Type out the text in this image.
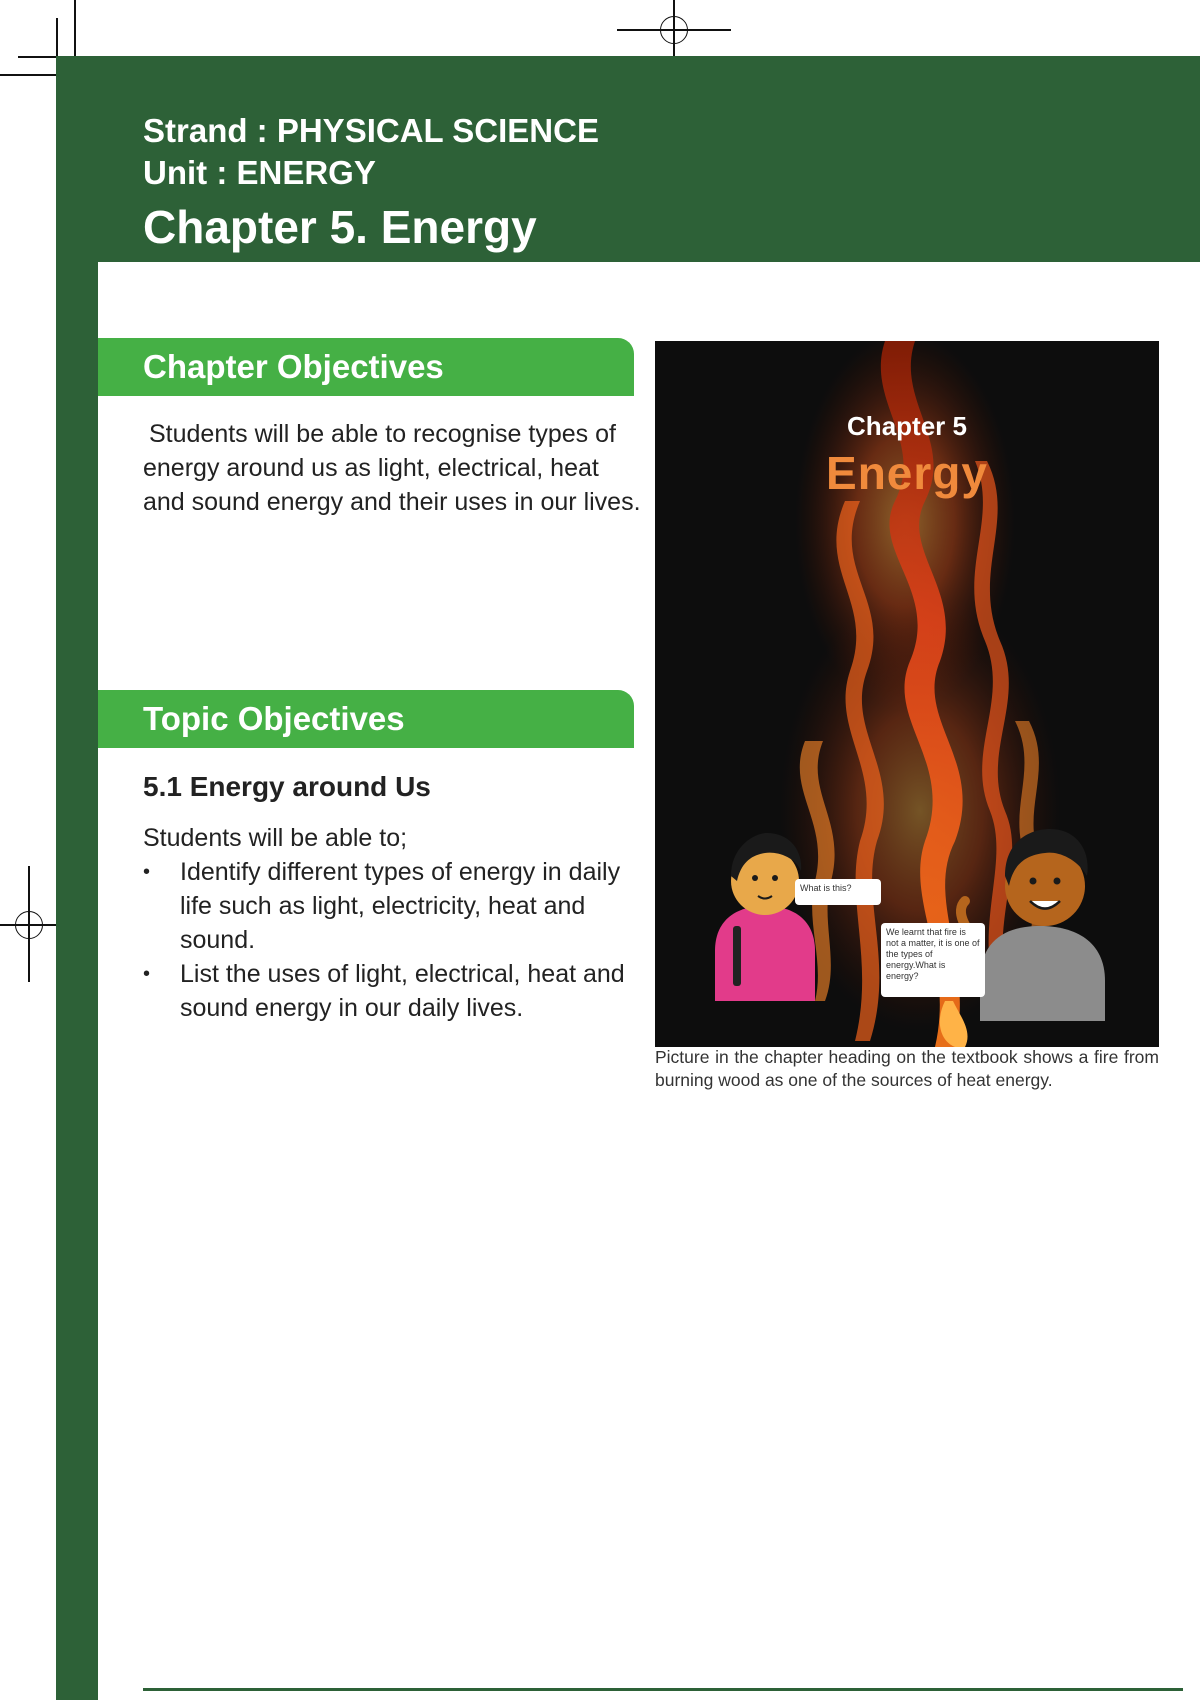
Strand : PHYSICAL SCIENCE
Unit : ENERGY
Chapter 5. Energy
Chapter Objectives
Students will be able to recognise types of energy around us as light, electrical, heat and sound energy and their uses in our lives.
Topic Objectives
5.1 Energy around Us
Students will be able to;
• Identify different types of energy in daily life such as light, electricity, heat and sound.
• List the uses of light, electrical, heat and sound energy in our daily lives.
Chapter 5
Energy
What is this?
We learnt that fire is not a matter, it is one of the types of energy.What is energy?
Picture in the chapter heading on the textbook shows a fire from burning wood as one of the sources of heat energy.
